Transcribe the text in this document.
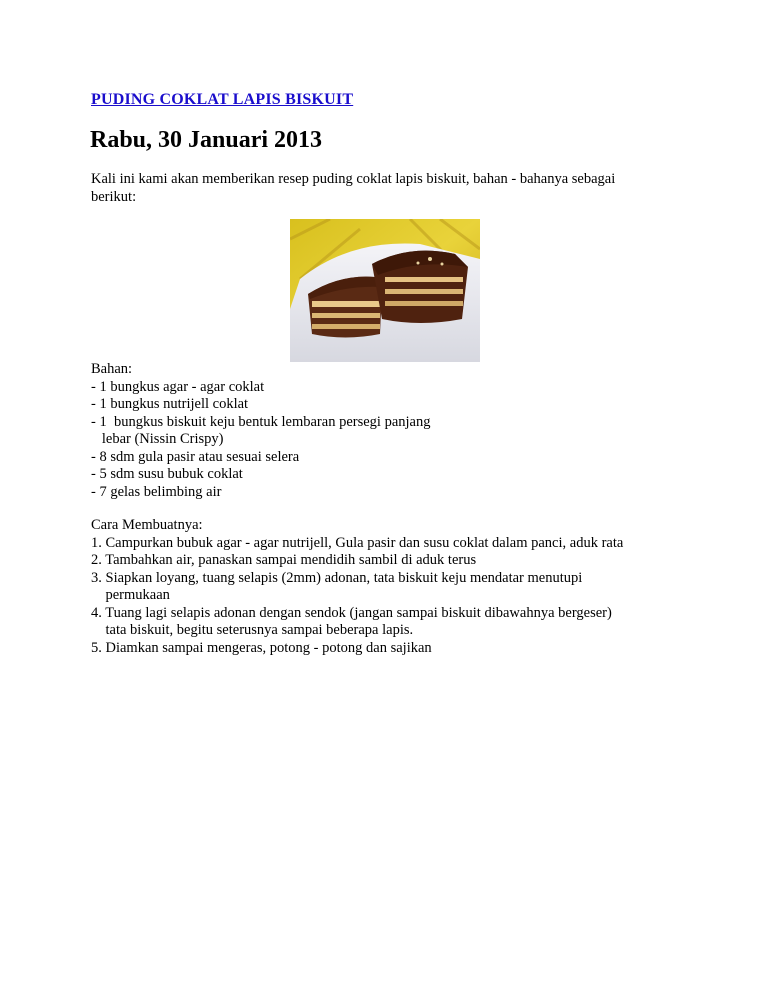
PUDING COKLAT LAPIS BISKUIT
Rabu, 30 Januari 2013
Kali ini kami akan memberikan resep puding coklat lapis biskuit, bahan - bahanya sebagai
berikut:
Bahan:
- 1 bungkus agar - agar coklat
- 1 bungkus nutrijell coklat
- 1  bungkus biskuit keju bentuk lembaran persegi panjang
lebar (Nissin Crispy)
- 8 sdm gula pasir atau sesuai selera
- 5 sdm susu bubuk coklat
- 7 gelas belimbing air
Cara Membuatnya:
1. Campurkan bubuk agar - agar nutrijell, Gula pasir dan susu coklat dalam panci, aduk rata
2. Tambahkan air, panaskan sampai mendidih sambil di aduk terus
3. Siapkan loyang, tuang selapis (2mm) adonan, tata biskuit keju mendatar menutupi
permukaan
4. Tuang lagi selapis adonan dengan sendok (jangan sampai biskuit dibawahnya bergeser)
tata biskuit, begitu seterusnya sampai beberapa lapis.
5. Diamkan sampai mengeras, potong - potong dan sajikan
